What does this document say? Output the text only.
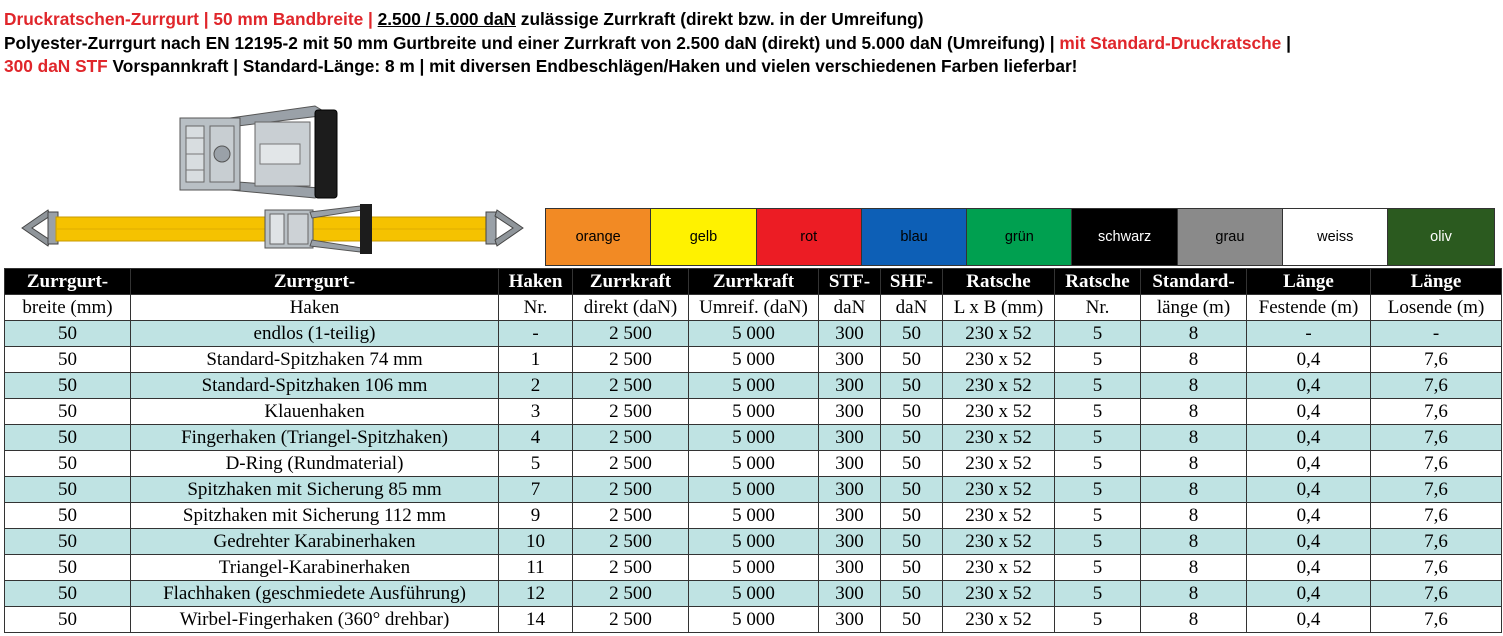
Druckratschen-Zurrgurt | 50 mm Bandbreite | 2.500 / 5.000 daN zulässige Zurrkraft (direkt bzw. in der Umreifung)
Polyester-Zurrgurt nach EN 12195-2 mit 50 mm Gurtbreite und einer Zurrkraft von 2.500 daN (direkt) und 5.000 daN (Umreifung) | mit Standard-Druckratsche |
300 daN STF Vorspannkraft | Standard-Länge: 8 m | mit diversen Endbeschlägen/Haken und vielen verschiedenen Farben lieferbar!
orange	gelb	rot	blau	grün	schwarz	grau	weiss	oliv
Zurrgurt-	Zurrgurt-	Haken	Zurrkraft	Zurrkraft	STF-	SHF-	Ratsche	Ratsche	Standard-	Länge	Länge
breite (mm)	Haken	Nr.	direkt (daN)	Umreif. (daN)	daN	daN	L x B (mm)	Nr.	länge (m)	Festende (m)	Losende (m)
50	endlos (1-teilig)	-	2 500	5 000	300	50	230 x 52	5	8	-	-
50	Standard-Spitzhaken 74 mm	1	2 500	5 000	300	50	230 x 52	5	8	0,4	7,6
50	Standard-Spitzhaken 106 mm	2	2 500	5 000	300	50	230 x 52	5	8	0,4	7,6
50	Klauenhaken	3	2 500	5 000	300	50	230 x 52	5	8	0,4	7,6
50	Fingerhaken (Triangel-Spitzhaken)	4	2 500	5 000	300	50	230 x 52	5	8	0,4	7,6
50	D-Ring (Rundmaterial)	5	2 500	5 000	300	50	230 x 52	5	8	0,4	7,6
50	Spitzhaken mit Sicherung 85 mm	7	2 500	5 000	300	50	230 x 52	5	8	0,4	7,6
50	Spitzhaken mit Sicherung 112 mm	9	2 500	5 000	300	50	230 x 52	5	8	0,4	7,6
50	Gedrehter Karabinerhaken	10	2 500	5 000	300	50	230 x 52	5	8	0,4	7,6
50	Triangel-Karabinerhaken	11	2 500	5 000	300	50	230 x 52	5	8	0,4	7,6
50	Flachhaken (geschmiedete Ausführung)	12	2 500	5 000	300	50	230 x 52	5	8	0,4	7,6
50	Wirbel-Fingerhaken (360° drehbar)	14	2 500	5 000	300	50	230 x 52	5	8	0,4	7,6
